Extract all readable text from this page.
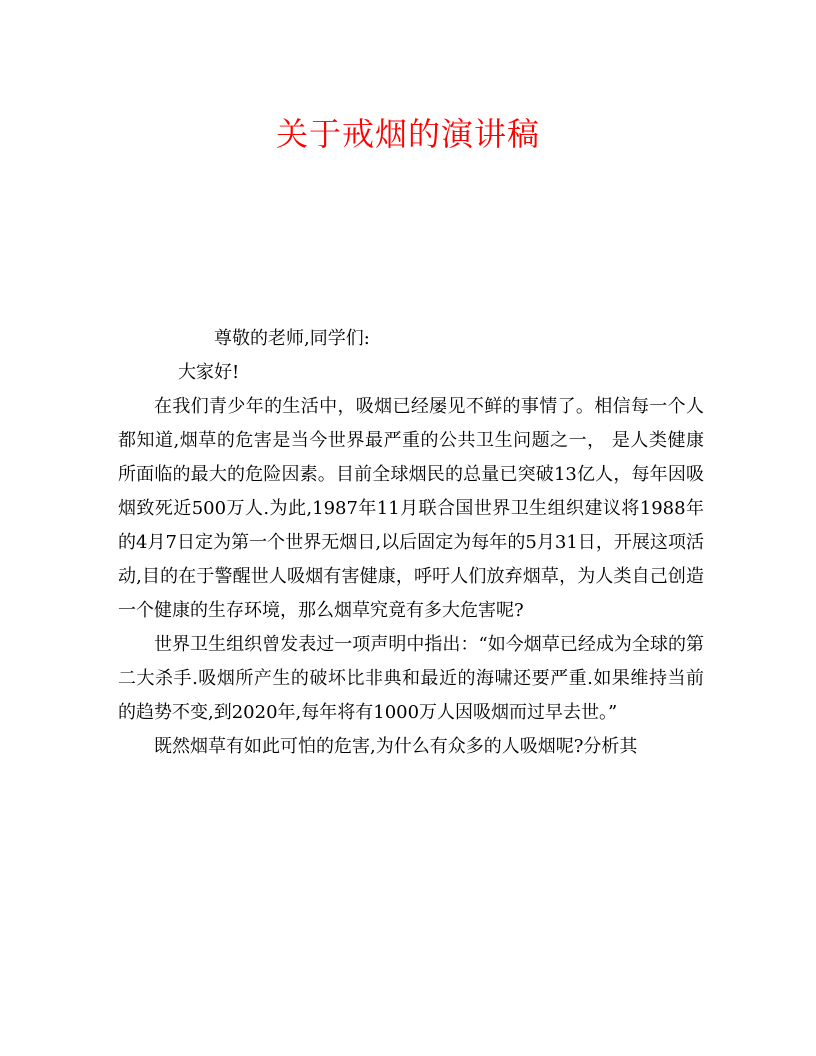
关于戒烟的演讲稿

尊敬的老师,同学们:

大家好!

在我们青少年的生活中，吸烟已经屡见不鲜的事情了。相信每一个人都知道,烟草的危害是当今世界最严重的公共卫生问题之一， 是人类健康所面临的最大的危险因素。目前全球烟民的总量已突破13亿人，每年因吸烟致死近500万人.为此,1987年11月联合国世界卫生组织建议将1988年的4月7日定为第一个世界无烟日,以后固定为每年的5月31日，开展这项活动,目的在于警醒世人吸烟有害健康，呼吁人们放弃烟草，为人类自己创造一个健康的生存环境，那么烟草究竟有多大危害呢?

世界卫生组织曾发表过一项声明中指出：“如今烟草已经成为全球的第二大杀手.吸烟所产生的破坏比非典和最近的海啸还要严重.如果维持当前的趋势不变,到2020年,每年将有1000万人因吸烟而过早去世。”

既然烟草有如此可怕的危害,为什么有众多的人吸烟呢?分析其
